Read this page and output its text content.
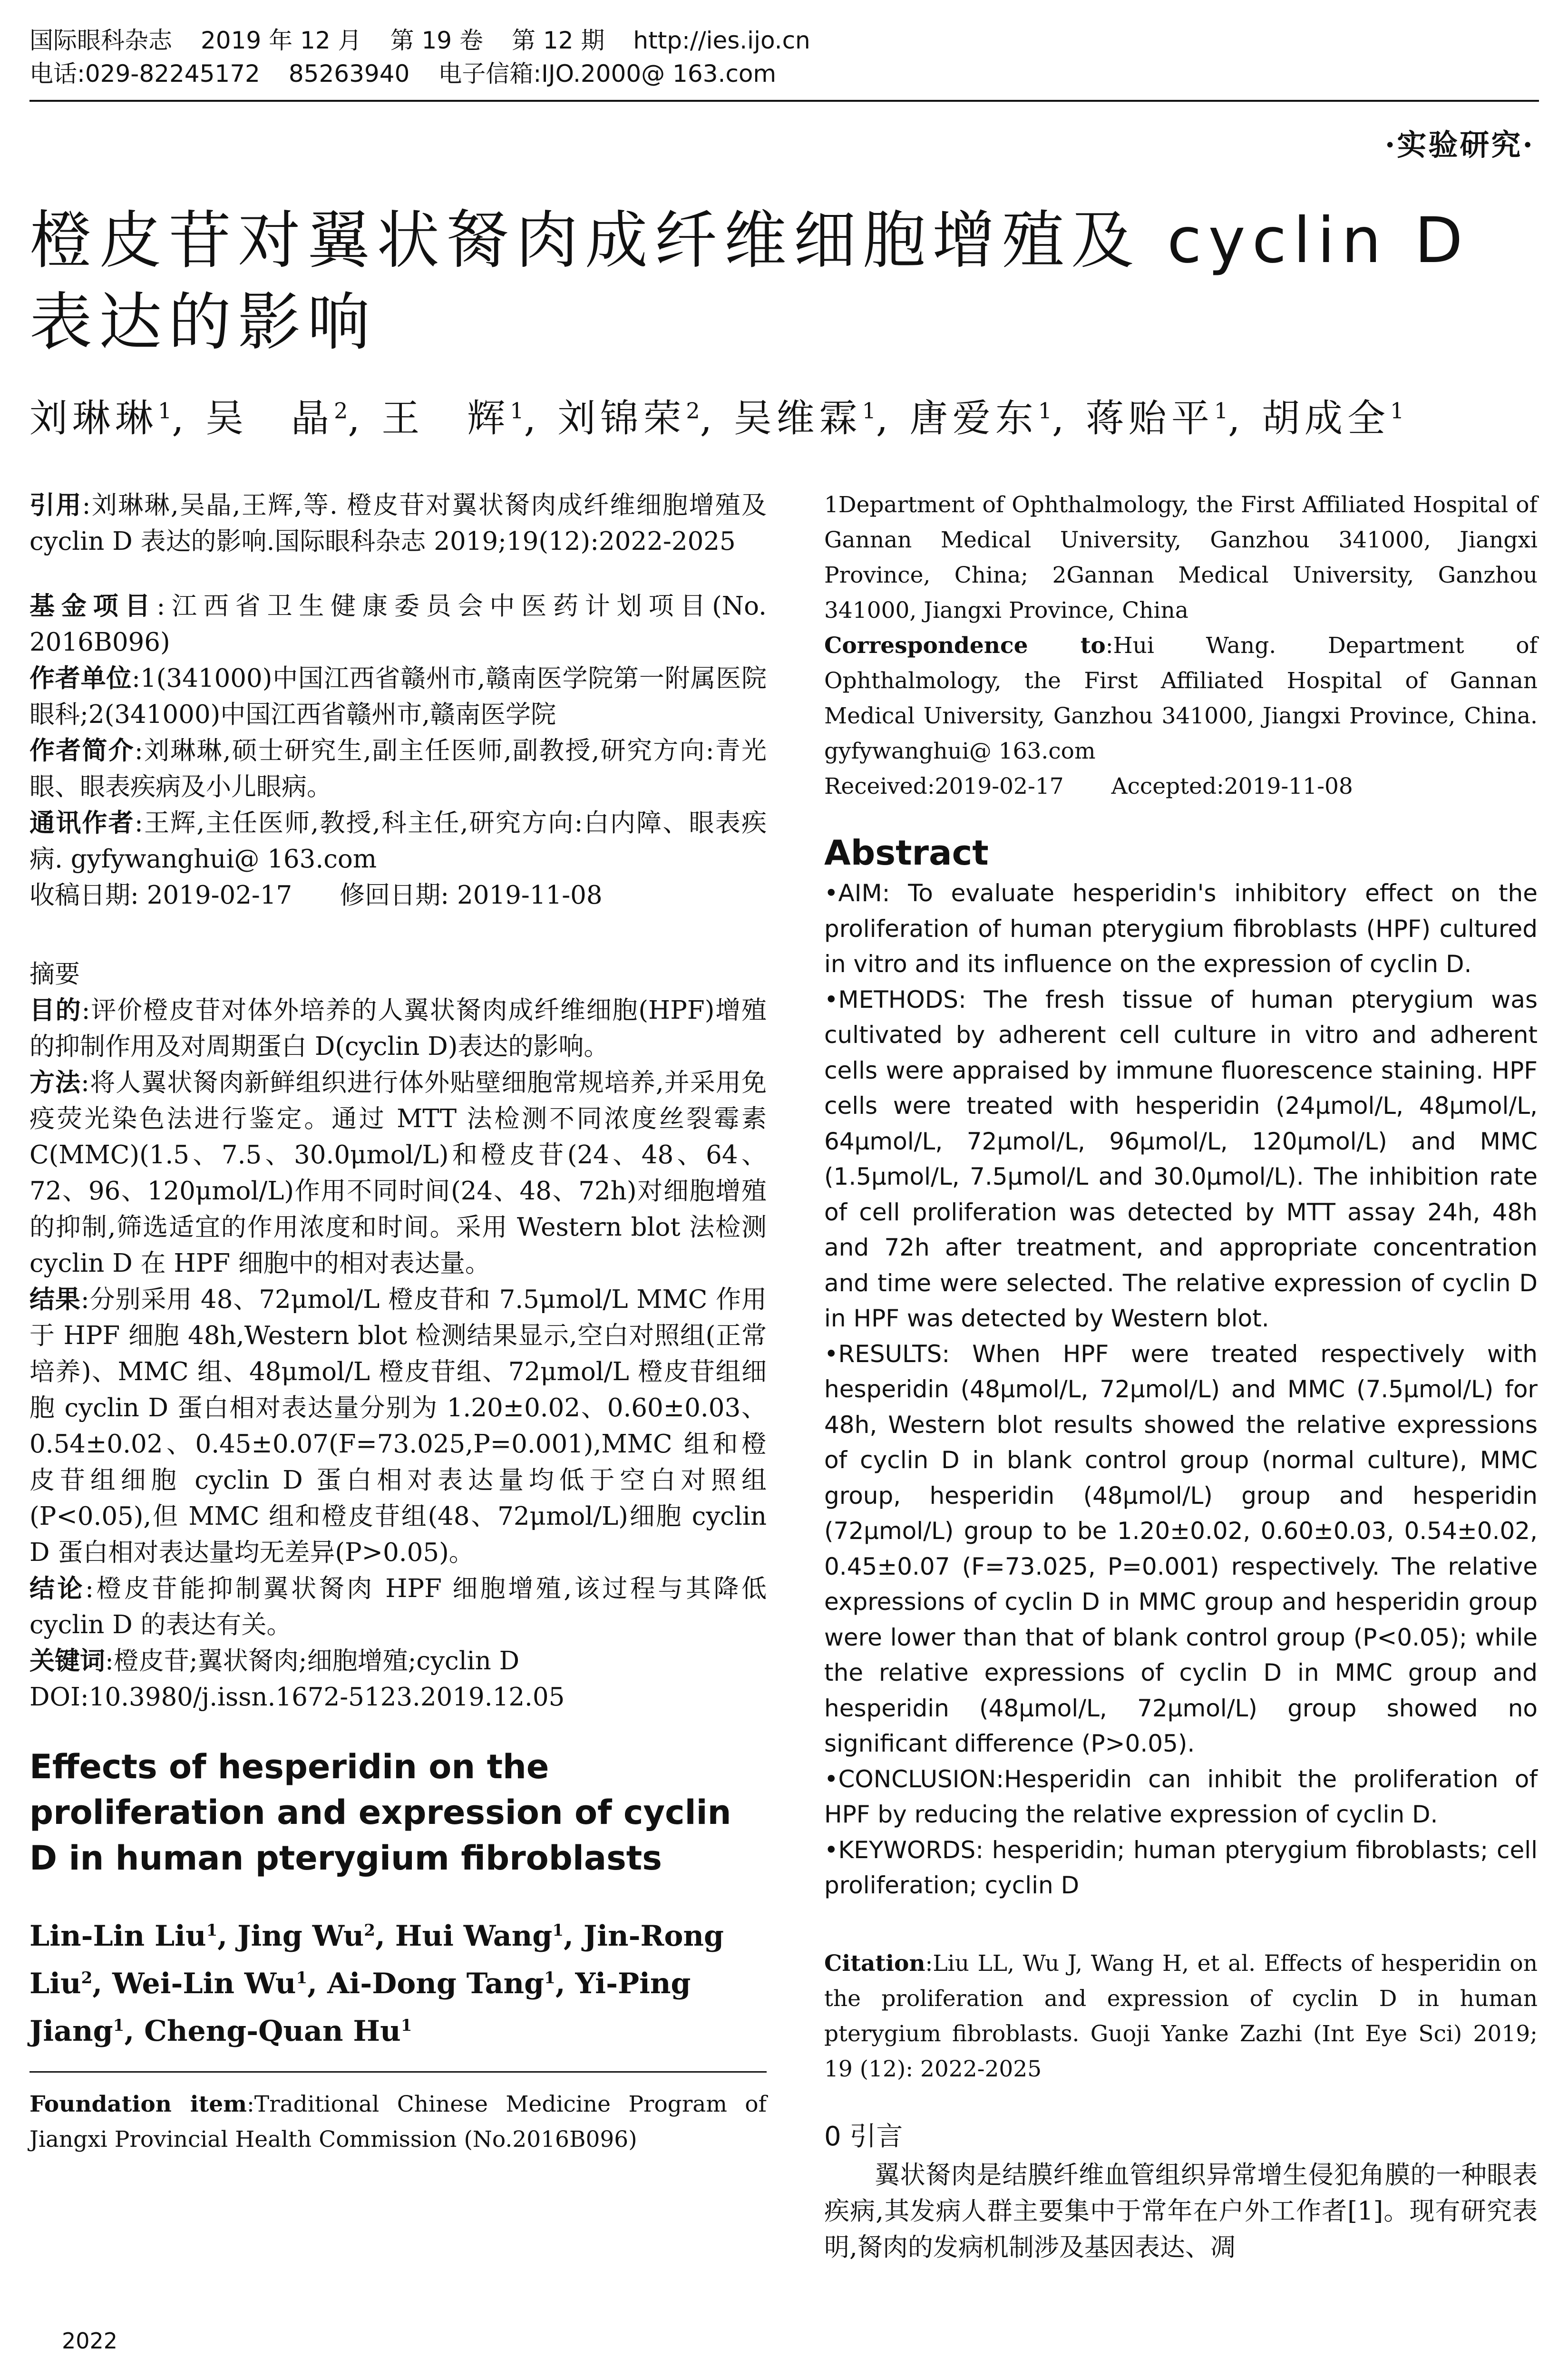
国际眼科杂志 2019 年 12 月 第 19 卷 第 12 期 http://ies.ijo.cn
电话:029-82245172 85263940 电子信箱:IJO.2000@ 163.com
·实验研究·
橙皮苷对翼状胬肉成纤维细胞增殖及 cyclin D 表达的影响
刘琳琳$^1$, 吴　晶$^2$, 王　辉$^1$, 刘锦荣$^2$, 吴维霖$^1$, 唐爱东$^1$, 蒋贻平$^1$, 胡成全$^1$

引用:刘琳琳,吴晶,王辉,等. 橙皮苷对翼状胬肉成纤维细胞增殖及 cyclin D 表达的影响.国际眼科杂志 2019;19(12):2022-2025

基金项目:江西省卫生健康委员会中医药计划项目(No. 2016B096)

作者单位:1(341000)中国江西省赣州市,赣南医学院第一附属医院眼科;2(341000)中国江西省赣州市,赣南医学院

作者简介:刘琳琳,硕士研究生,副主任医师,副教授,研究方向:青光眼、眼表疾病及小儿眼病。

通讯作者:王辉,主任医师,教授,科主任,研究方向:白内障、眼表疾病. gyfywanghui@ 163.com

收稿日期: 2019-02-17 修回日期: 2019-11-08

摘要

目的:评价橙皮苷对体外培养的人翼状胬肉成纤维细胞(HPF)增殖的抑制作用及对周期蛋白 D(cyclin D)表达的影响。

方法:将人翼状胬肉新鲜组织进行体外贴壁细胞常规培养,并采用免疫荧光染色法进行鉴定。通过 MTT 法检测不同浓度丝裂霉素 C(MMC)(1.5、7.5、30.0μmol/L)和橙皮苷(24、48、64、72、96、120μmol/L)作用不同时间(24、48、72h)对细胞增殖的抑制,筛选适宜的作用浓度和时间。采用 Western blot 法检测 cyclin D 在 HPF 细胞中的相对表达量。

结果:分别采用 48、72μmol/L 橙皮苷和 7.5μmol/L MMC 作用于 HPF 细胞 48h,Western blot 检测结果显示,空白对照组(正常培养)、MMC 组、48μmol/L 橙皮苷组、72μmol/L 橙皮苷组细胞 cyclin D 蛋白相对表达量分别为 1.20±0.02、0.60±0.03、0.54±0.02、0.45±0.07(F=73.025,P=0.001),MMC 组和橙皮苷组细胞 cyclin D 蛋白相对表达量均低于空白对照组(P<0.05),但 MMC 组和橙皮苷组(48、72μmol/L)细胞 cyclin D 蛋白相对表达量均无差异(P>0.05)。

结论:橙皮苷能抑制翼状胬肉 HPF 细胞增殖,该过程与其降低 cyclin D 的表达有关。

关键词:橙皮苷;翼状胬肉;细胞增殖;cyclin D

DOI:10.3980/j.issn.1672-5123.2019.12.05

Effects of hesperidin on the proliferation and expression of cyclin D in human pterygium fibroblasts

Lin-Lin Liu$^1$, Jing Wu$^2$, Hui Wang$^1$, Jin-Rong Liu$^2$, Wei-Lin Wu$^1$, Ai-Dong Tang$^1$, Yi-Ping Jiang$^1$, Cheng-Quan Hu$^1$

Foundation item:Traditional Chinese Medicine Program of Jiangxi Provincial Health Commission (No.2016B096)

1Department of Ophthalmology, the First Affiliated Hospital of Gannan Medical University, Ganzhou 341000, Jiangxi Province, China; 2Gannan Medical University, Ganzhou 341000, Jiangxi Province, China

Correspondence to:Hui Wang. Department of Ophthalmology, the First Affiliated Hospital of Gannan Medical University, Ganzhou 341000, Jiangxi Province, China. gyfywanghui@ 163.com

Received:2019-02-17 Accepted:2019-11-08

Abstract

•AIM: To evaluate hesperidin's inhibitory effect on the proliferation of human pterygium fibroblasts (HPF) cultured in vitro and its influence on the expression of cyclin D.

•METHODS: The fresh tissue of human pterygium was cultivated by adherent cell culture in vitro and adherent cells were appraised by immune fluorescence staining. HPF cells were treated with hesperidin (24μmol/L, 48μmol/L, 64μmol/L, 72μmol/L, 96μmol/L, 120μmol/L) and MMC (1.5μmol/L, 7.5μmol/L and 30.0μmol/L). The inhibition rate of cell proliferation was detected by MTT assay 24h, 48h and 72h after treatment, and appropriate concentration and time were selected. The relative expression of cyclin D in HPF was detected by Western blot.

•RESULTS: When HPF were treated respectively with hesperidin (48μmol/L, 72μmol/L) and MMC (7.5μmol/L) for 48h, Western blot results showed the relative expressions of cyclin D in blank control group (normal culture), MMC group, hesperidin (48μmol/L) group and hesperidin (72μmol/L) group to be 1.20±0.02, 0.60±0.03, 0.54±0.02, 0.45±0.07 (F=73.025, P=0.001) respectively. The relative expressions of cyclin D in MMC group and hesperidin group were lower than that of blank control group (P<0.05); while the relative expressions of cyclin D in MMC group and hesperidin (48μmol/L, 72μmol/L) group showed no significant difference (P>0.05).

•CONCLUSION:Hesperidin can inhibit the proliferation of HPF by reducing the relative expression of cyclin D.

•KEYWORDS: hesperidin; human pterygium fibroblasts; cell proliferation; cyclin D

Citation:Liu LL, Wu J, Wang H, et al. Effects of hesperidin on the proliferation and expression of cyclin D in human pterygium fibroblasts. Guoji Yanke Zazhi (Int Eye Sci) 2019; 19 (12): 2022-2025

0 引言

翼状胬肉是结膜纤维血管组织异常增生侵犯角膜的一种眼表疾病,其发病人群主要集中于常年在户外工作者[1]。现有研究表明,胬肉的发病机制涉及基因表达、凋

2022
